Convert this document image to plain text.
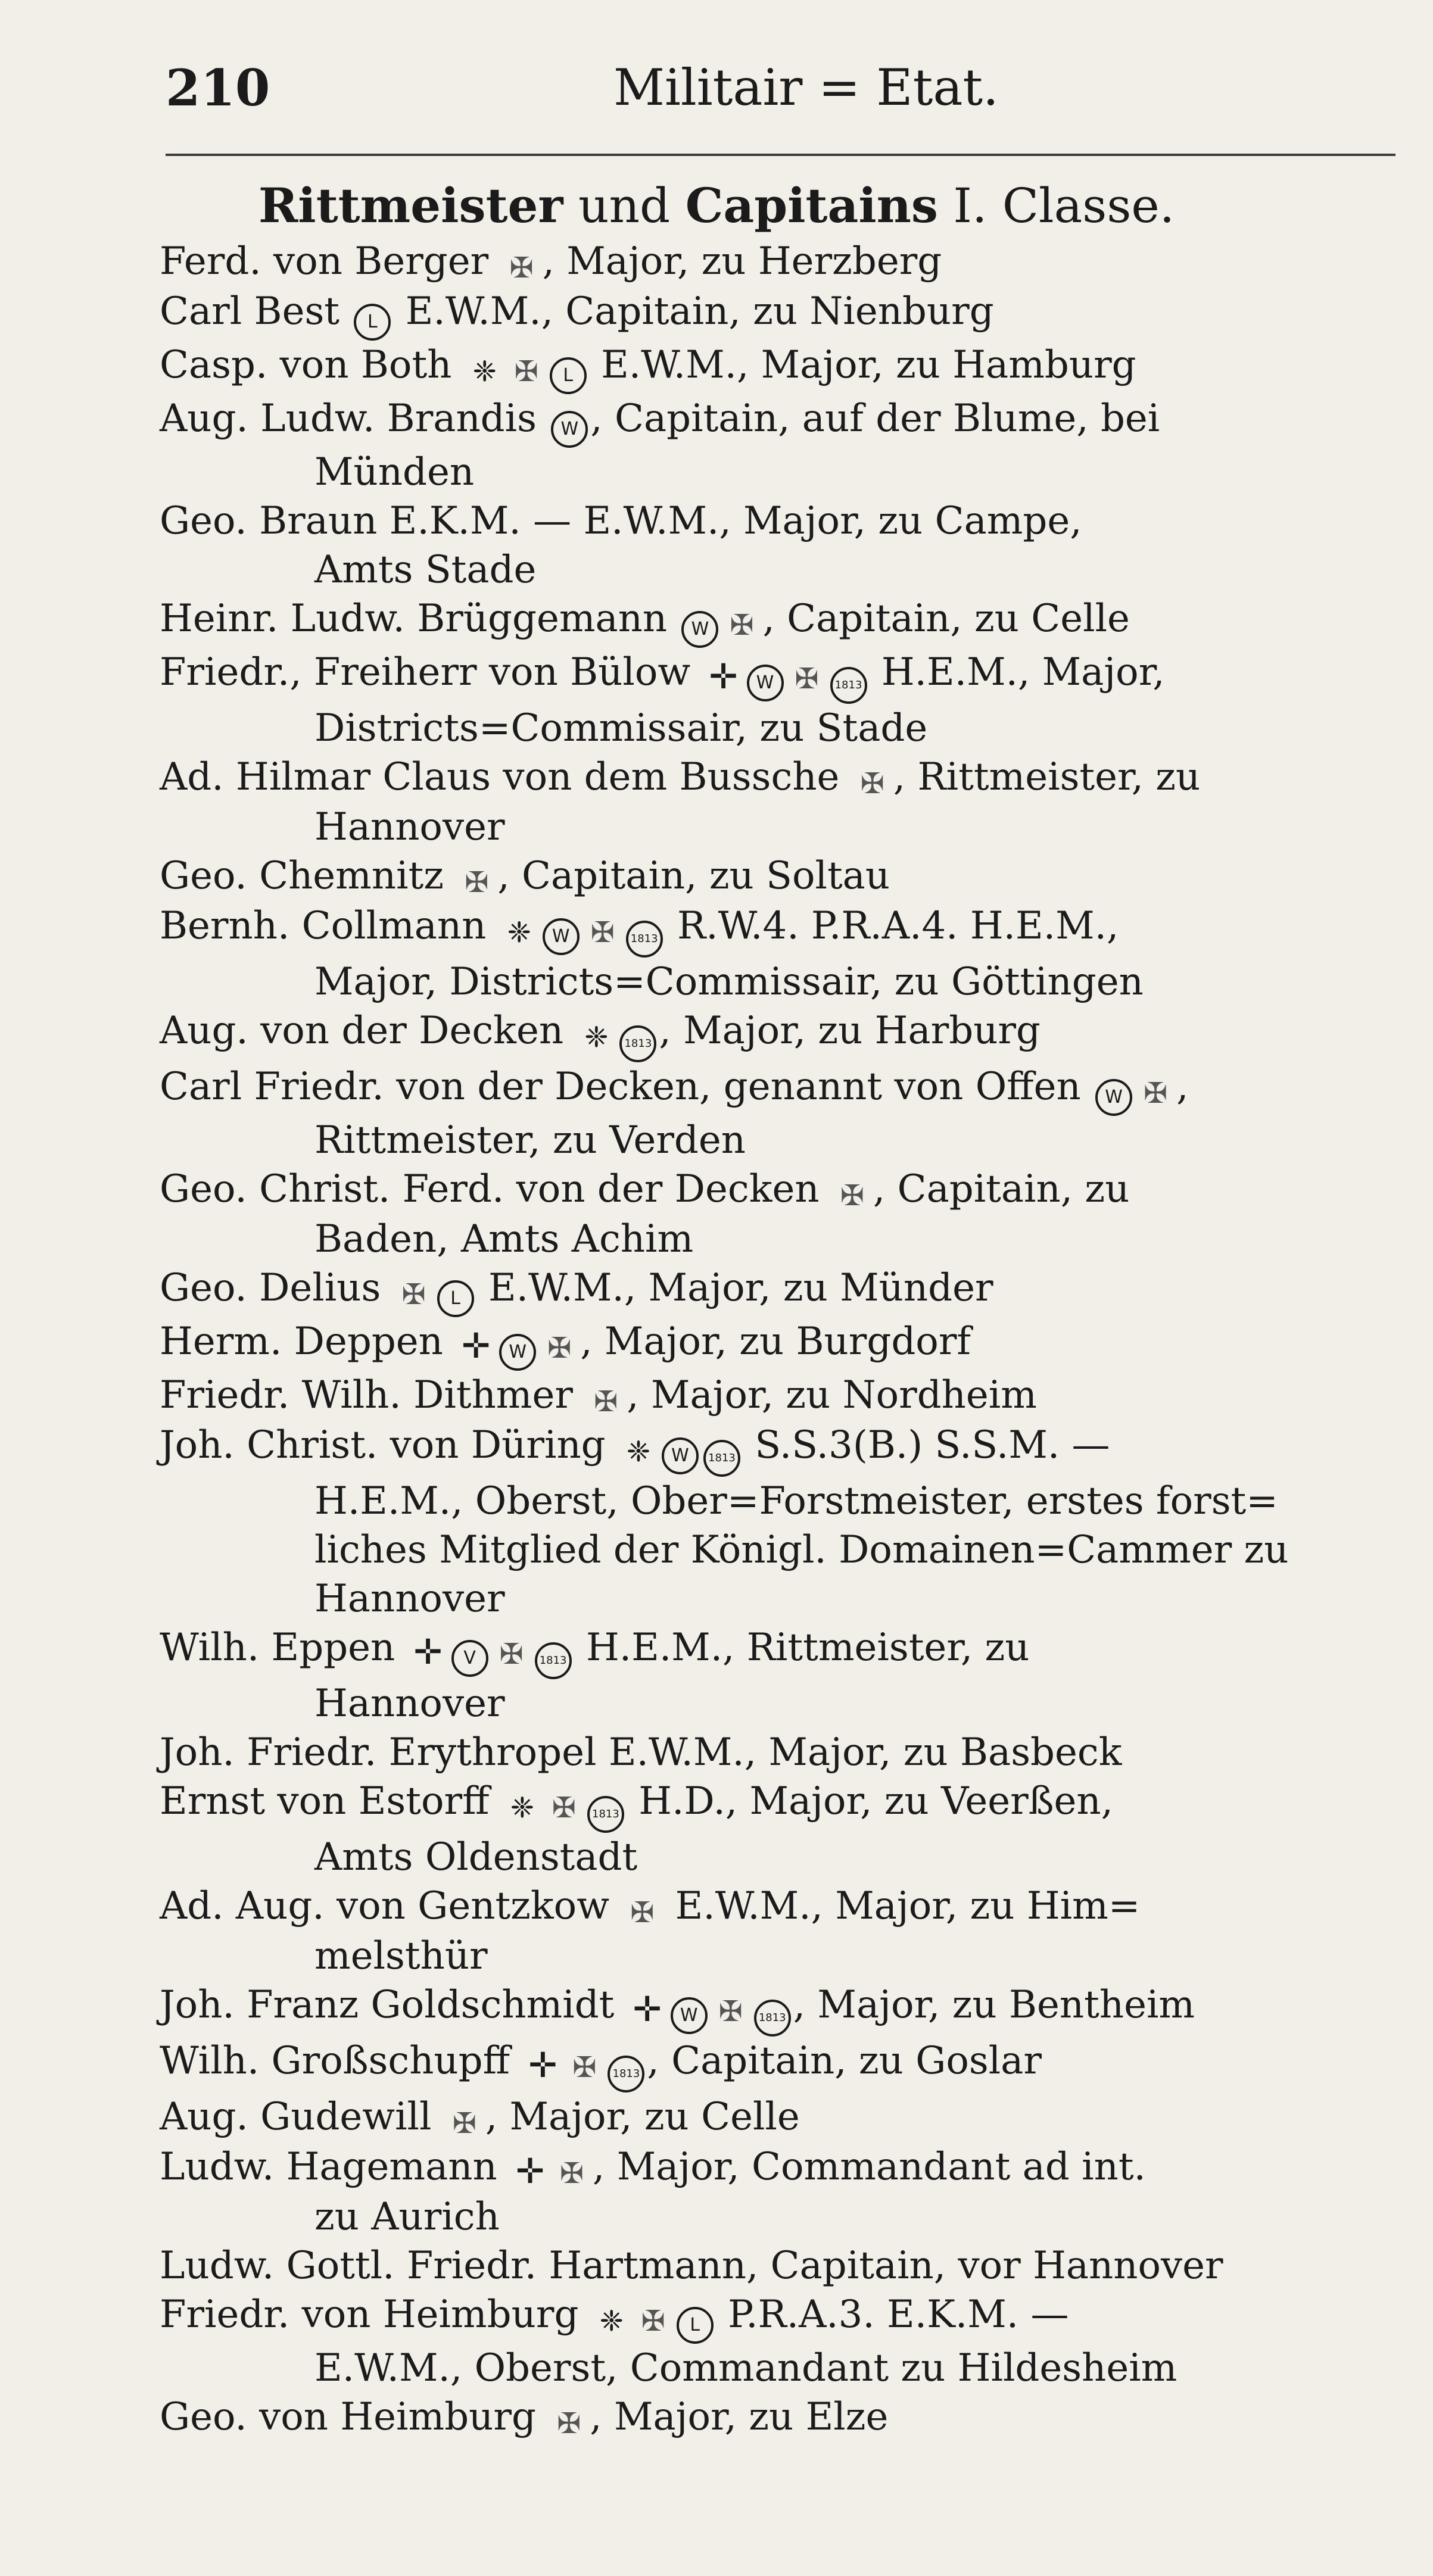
210	Militair = Etat.
Rittmeister und Capitains I. Classe.
Ferd. von Berger ✠ , Major, zu Herzberg
Carl Best L E.W.M., Capitain, zu Nienburg
Casp. von Both ❈ ✠ L E.W.M., Major, zu Hamburg
Aug. Ludw. Brandis W , Capitain, auf der Blume, bei
Münden
Geo. Braun E.K.M. — E.W.M., Major, zu Campe,
Amts Stade
Heinr. Ludw. Brüggemann W ✠ , Capitain, zu Celle
Friedr., Freiherr von Bülow ✛ W ✠ 1813 H.E.M., Major,
Districts=Commissair, zu Stade
Ad. Hilmar Claus von dem Bussche ✠ , Rittmeister, zu
Hannover
Geo. Chemnitz ✠ , Capitain, zu Soltau
Bernh. Collmann ❈ W ✠ 1813 R.W.4. P.R.A.4. H.E.M.,
Major, Districts=Commissair, zu Göttingen
Aug. von der Decken ❈ 1813 , Major, zu Harburg
Carl Friedr. von der Decken, genannt von Offen W ✠ ,
Rittmeister, zu Verden
Geo. Christ. Ferd. von der Decken ✠ , Capitain, zu
Baden, Amts Achim
Geo. Delius ✠ L E.W.M., Major, zu Münder
Herm. Deppen ✛ W ✠ , Major, zu Burgdorf
Friedr. Wilh. Dithmer ✠ , Major, zu Nordheim
Joh. Christ. von Düring ❈ W 1813 S.S.3(B.) S.S.M. —
H.E.M., Oberst, Ober=Forstmeister, erstes forst=
liches Mitglied der Königl. Domainen=Cammer zu
Hannover
Wilh. Eppen ✛ V ✠ 1813 H.E.M., Rittmeister, zu
Hannover
Joh. Friedr. Erythropel E.W.M., Major, zu Basbeck
Ernst von Estorff ❈ ✠ 1813 H.D., Major, zu Veerßen,
Amts Oldenstadt
Ad. Aug. von Gentzkow ✠ E.W.M., Major, zu Him=
melsthür
Joh. Franz Goldschmidt ✛ W ✠ 1813 , Major, zu Bentheim
Wilh. Großschupff ✛ ✠ 1813 , Capitain, zu Goslar
Aug. Gudewill ✠ , Major, zu Celle
Ludw. Hagemann ✛ ✠ , Major, Commandant ad int.
zu Aurich
Ludw. Gottl. Friedr. Hartmann, Capitain, vor Hannover
Friedr. von Heimburg ❈ ✠ L P.R.A.3. E.K.M. —
E.W.M., Oberst, Commandant zu Hildesheim
Geo. von Heimburg ✠ , Major, zu Elze
